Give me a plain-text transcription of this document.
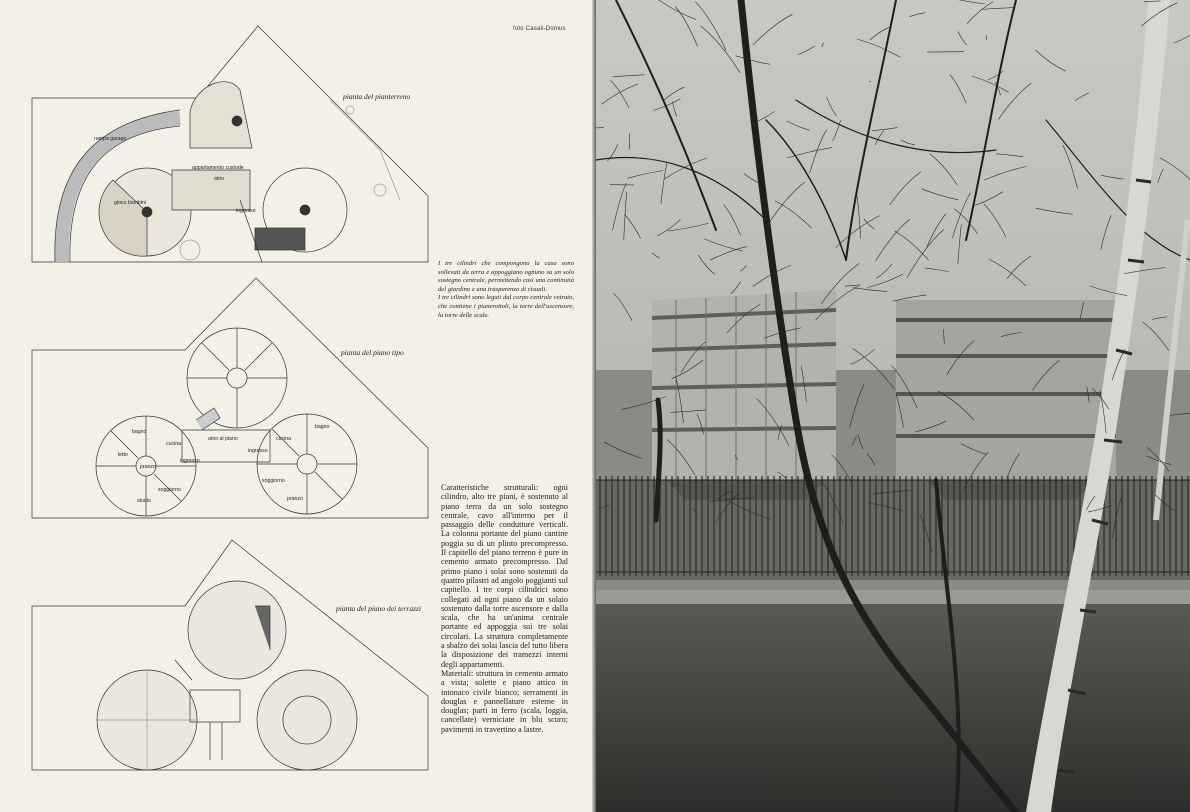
foto Casali-Domus
rampa garage
appartamento custode
atrio
gioco bambini
ingresso
atrio al piano
bagno
cucina
cucina
bagno
letto
pranzo
ingresso
ingresso
soggiorno
soggiorno
studio	pranzo
pianta del pianterreno
pianta del piano tipo
pianta del piano dei terrazzi

I tre cilindri che compongono la casa sono sollevati da terra e appoggiano ognuno su un solo sostegno centrale, permettendo così una continuità del giardino e una trasparenza di visuali.

I tre cilindri sono legati dal corpo centrale vetrato, che contiene i pianerottoli, la torre dell'ascensore, la torre delle scale.

Caratteristiche strutturali: ogni cilindro, alto tre piani, è sostenuto al piano terra da un solo sostegno centrale, cavo all'interno per il passaggio delle condutture verticali. La colonna portante del piano cantine poggia su di un plinto precompresso. Il capitello del piano terreno è pure in cemento armato precompresso. Dal primo piano i solai sono sostenuti da quattro pilastri ad angolo poggianti sul capitello. I tre corpi cilindrici sono collegati ad ogni piano da un solaio sostenuto dalla torre ascensore e dalla scala, che ha un'anima centrale portante ed appoggia sui tre solai circolari. La struttura completamente a sbalzo dei solai lascia del tutto libera la disposizione dei tramezzi interni degli appartamenti.

Materiali: struttura in cemento armato a vista; solette e piano attico in intonaco civile bianco; serramenti in douglas e pannellature esterne in douglas; parti in ferro (scala, loggia, cancellate) verniciate in blu scuro; pavimenti in travertino a lastre.
